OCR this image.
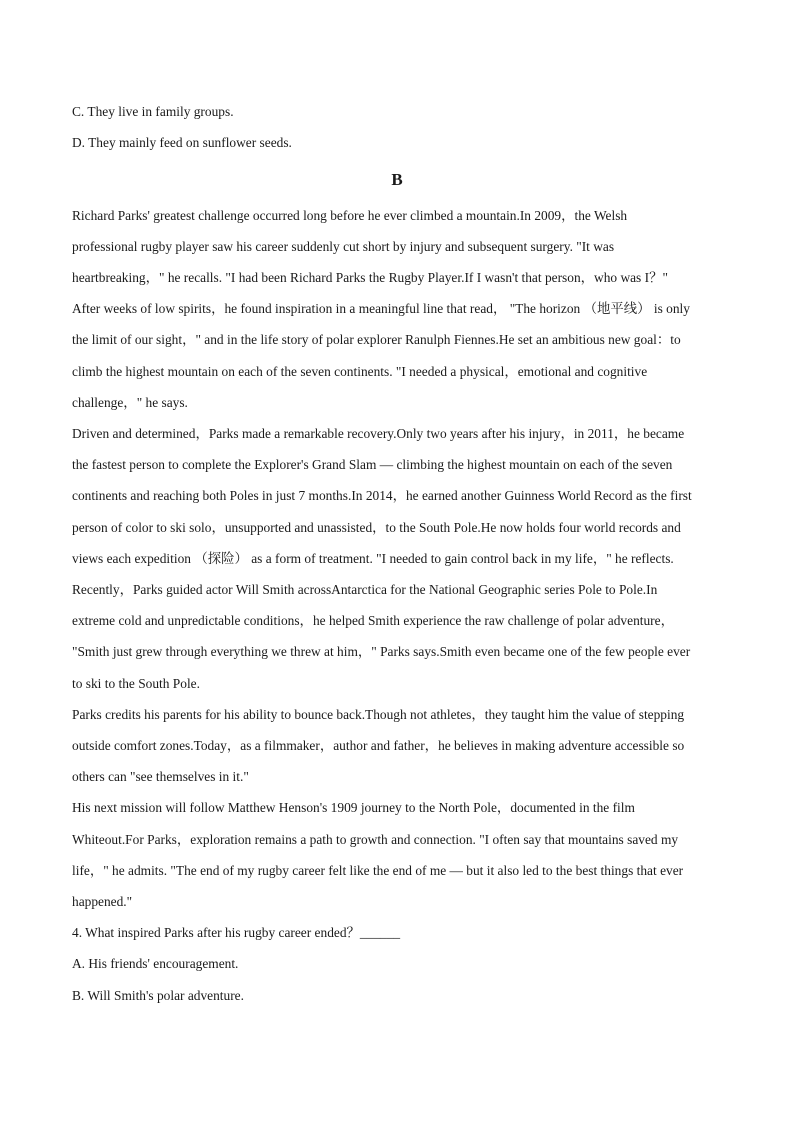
C. They live in family groups.
D. They mainly feed on sunflower seeds.
B
Richard Parks' greatest challenge occurred long before he ever climbed a mountain.In 2009，the Welsh
professional rugby player saw his career suddenly cut short by injury and subsequent surgery. "It was
heartbreaking，" he recalls. "I had been Richard Parks the Rugby Player.If I wasn't that person，who was I？"
After weeks of low spirits，he found inspiration in a meaningful line that read， "The horizon （地平线） is only
the limit of our sight，" and in the life story of polar explorer Ranulph Fiennes.He set an ambitious new goal：to
climb the highest mountain on each of the seven continents. "I needed a physical，emotional and cognitive
challenge，" he says.
Driven and determined，Parks made a remarkable recovery.Only two years after his injury，in 2011，he became
the fastest person to complete the Explorer's Grand Slam — climbing the highest mountain on each of the seven
continents and reaching both Poles in just 7 months.In 2014，he earned another Guinness World Record as the first
person of color to ski solo，unsupported and unassisted，to the South Pole.He now holds four world records and
views each expedition （探险） as a form of treatment. "I needed to gain control back in my life，" he reflects.
Recently，Parks guided actor Will Smith acrossAntarctica for the National Geographic series Pole to Pole.In
extreme cold and unpredictable conditions，he helped Smith experience the raw challenge of polar adventure，
"Smith just grew through everything we threw at him，" Parks says.Smith even became one of the few people ever
to ski to the South Pole.
Parks credits his parents for his ability to bounce back.Though not athletes，they taught him the value of stepping
outside comfort zones.Today，as a filmmaker，author and father，he believes in making adventure accessible so
others can "see themselves in it."
His next mission will follow Matthew Henson's 1909 journey to the North Pole，documented in the film
Whiteout.For Parks，exploration remains a path to growth and connection. "I often say that mountains saved my
life，" he admits. "The end of my rugby career felt like the end of me — but it also led to the best things that ever
happened."
4. What inspired Parks after his rugby career ended？______
A. His friends' encouragement.
B. Will Smith's polar adventure.
